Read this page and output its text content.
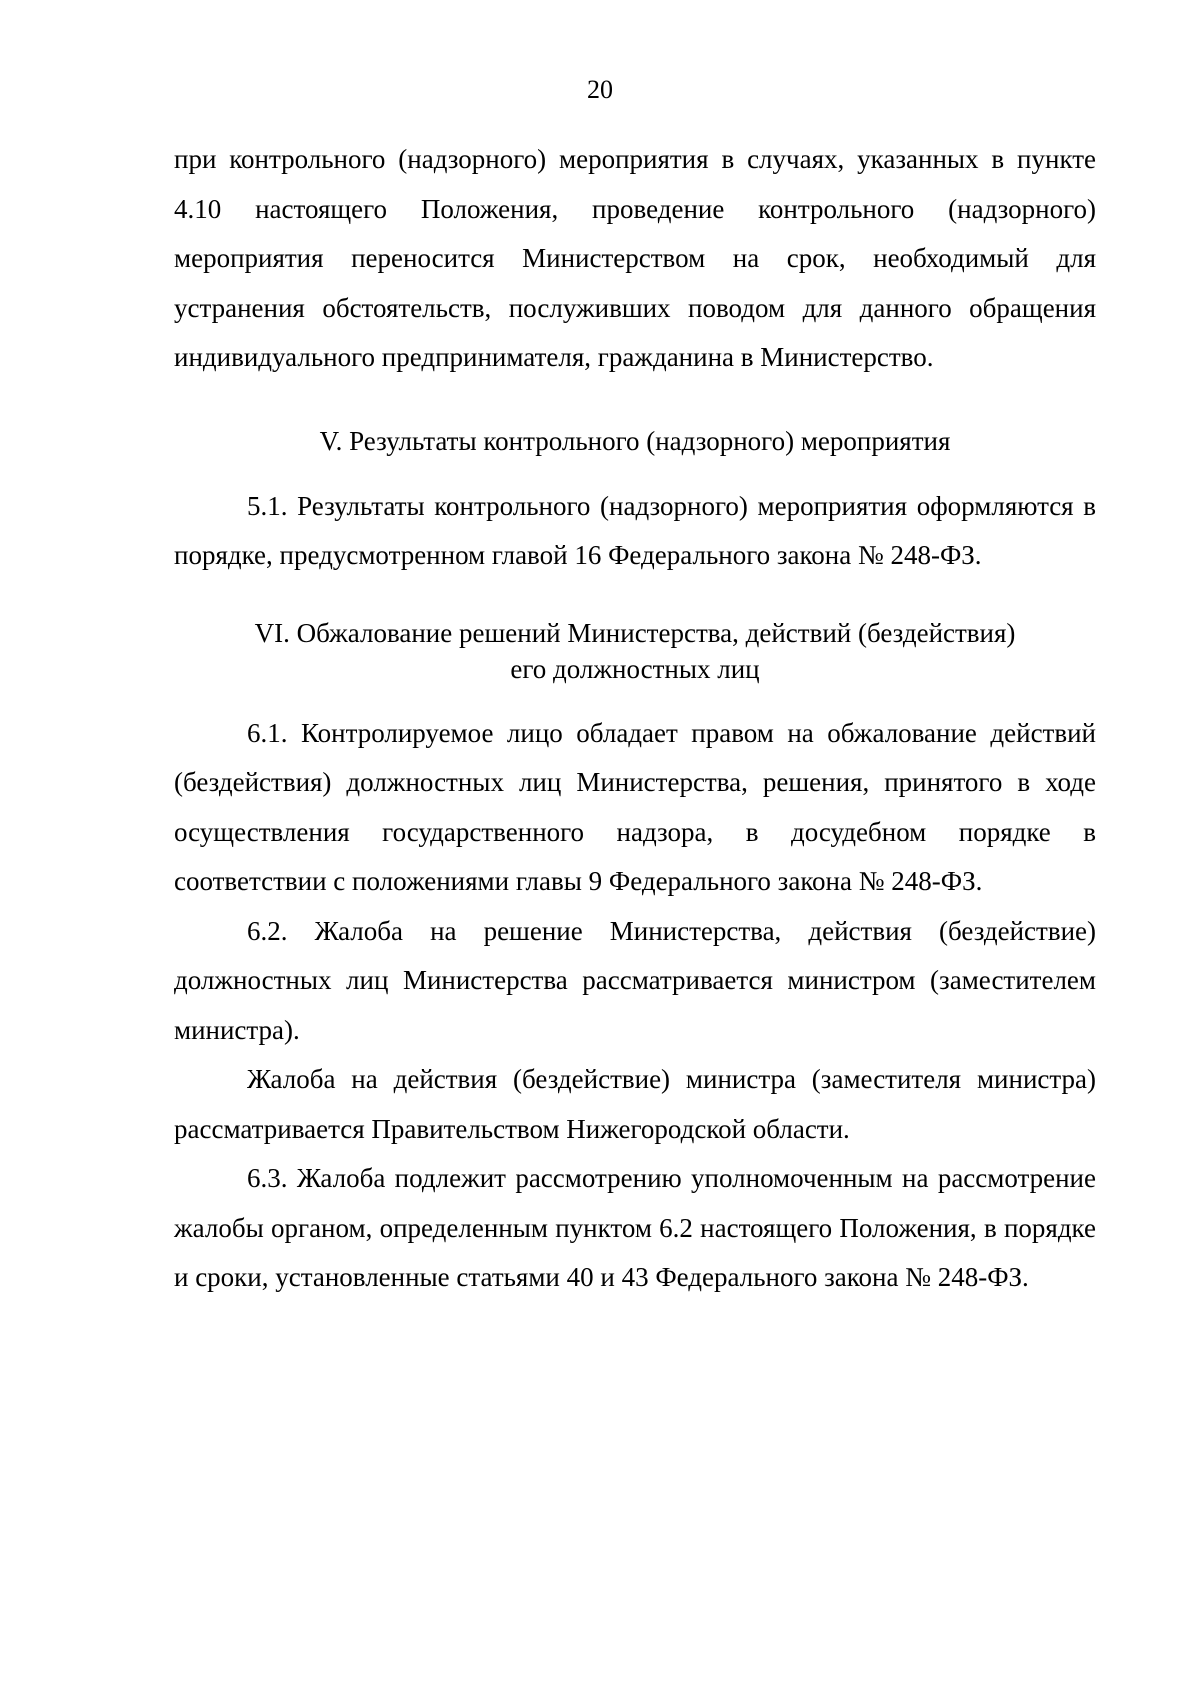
20

при контрольного (надзорного) мероприятия в случаях, указанных в пункте 4.10 настоящего Положения, проведение контрольного (надзорного) мероприятия переносится Министерством на срок, необходимый для устранения обстоятельств, послуживших поводом для данного обращения индивидуального предпринимателя, гражданина в Министерство.

V. Результаты контрольного (надзорного) мероприятия

5.1. Результаты контрольного (надзорного) мероприятия оформляются в порядке, предусмотренном главой 16 Федерального закона № 248-ФЗ.

VI. Обжалование решений Министерства, действий (бездействия)
его должностных лиц

6.1. Контролируемое лицо обладает правом на обжалование действий (бездействия) должностных лиц Министерства, решения, принятого в ходе осуществления государственного надзора, в досудебном порядке в соответствии с положениями главы 9 Федерального закона № 248-ФЗ.

6.2. Жалоба на решение Министерства, действия (бездействие) должностных лиц Министерства рассматривается министром (заместителем министра).

Жалоба на действия (бездействие) министра (заместителя министра) рассматривается Правительством Нижегородской области.

6.3. Жалоба подлежит рассмотрению уполномоченным на рассмотрение жалобы органом, определенным пунктом 6.2 настоящего Положения, в порядке и сроки, установленные статьями 40 и 43 Федерального закона № 248-ФЗ.
